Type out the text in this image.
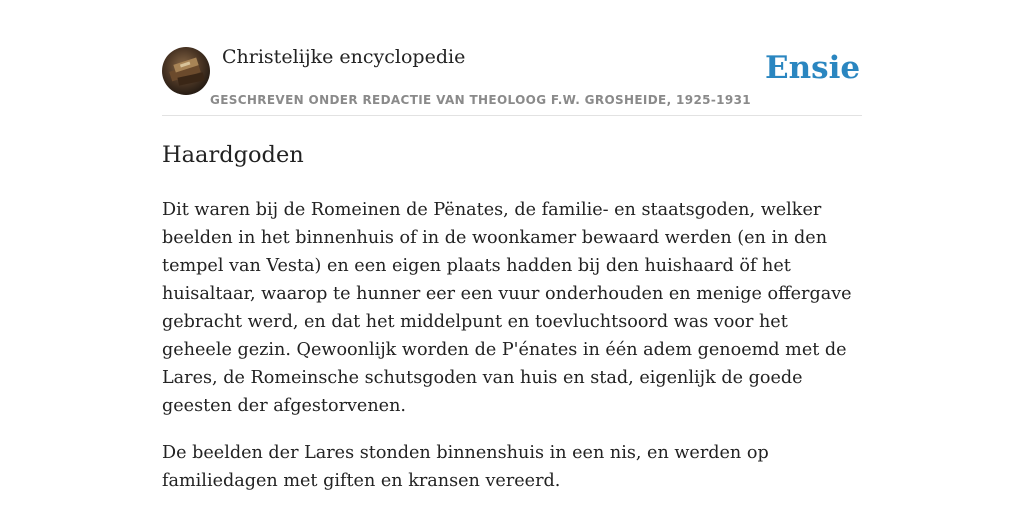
Christelijke encyclopedie
GESCHREVEN ONDER REDACTIE VAN THEOLOOG F.W. GROSHEIDE, 1925-1931
Ensie
Haardgoden

Dit waren bij de Romeinen de Pënates, de familie- en staatsgoden, welker beelden in het binnenhuis of in de woonkamer bewaard werden (en in den tempel van Vesta) en een eigen plaats hadden bij den huishaard öf het huisaltaar, waarop te hunner eer een vuur onderhouden en menige offergave gebracht werd, en dat het middelpunt en toevluchtsoord was voor het geheele gezin. Qewoonlijk worden de P'énates in één adem genoemd met de Lares, de Romeinsche schutsgoden van huis en stad, eigenlijk de goede geesten der afgestorvenen.

De beelden der Lares stonden binnenshuis in een nis, en werden op familiedagen met giften en kransen vereerd.
